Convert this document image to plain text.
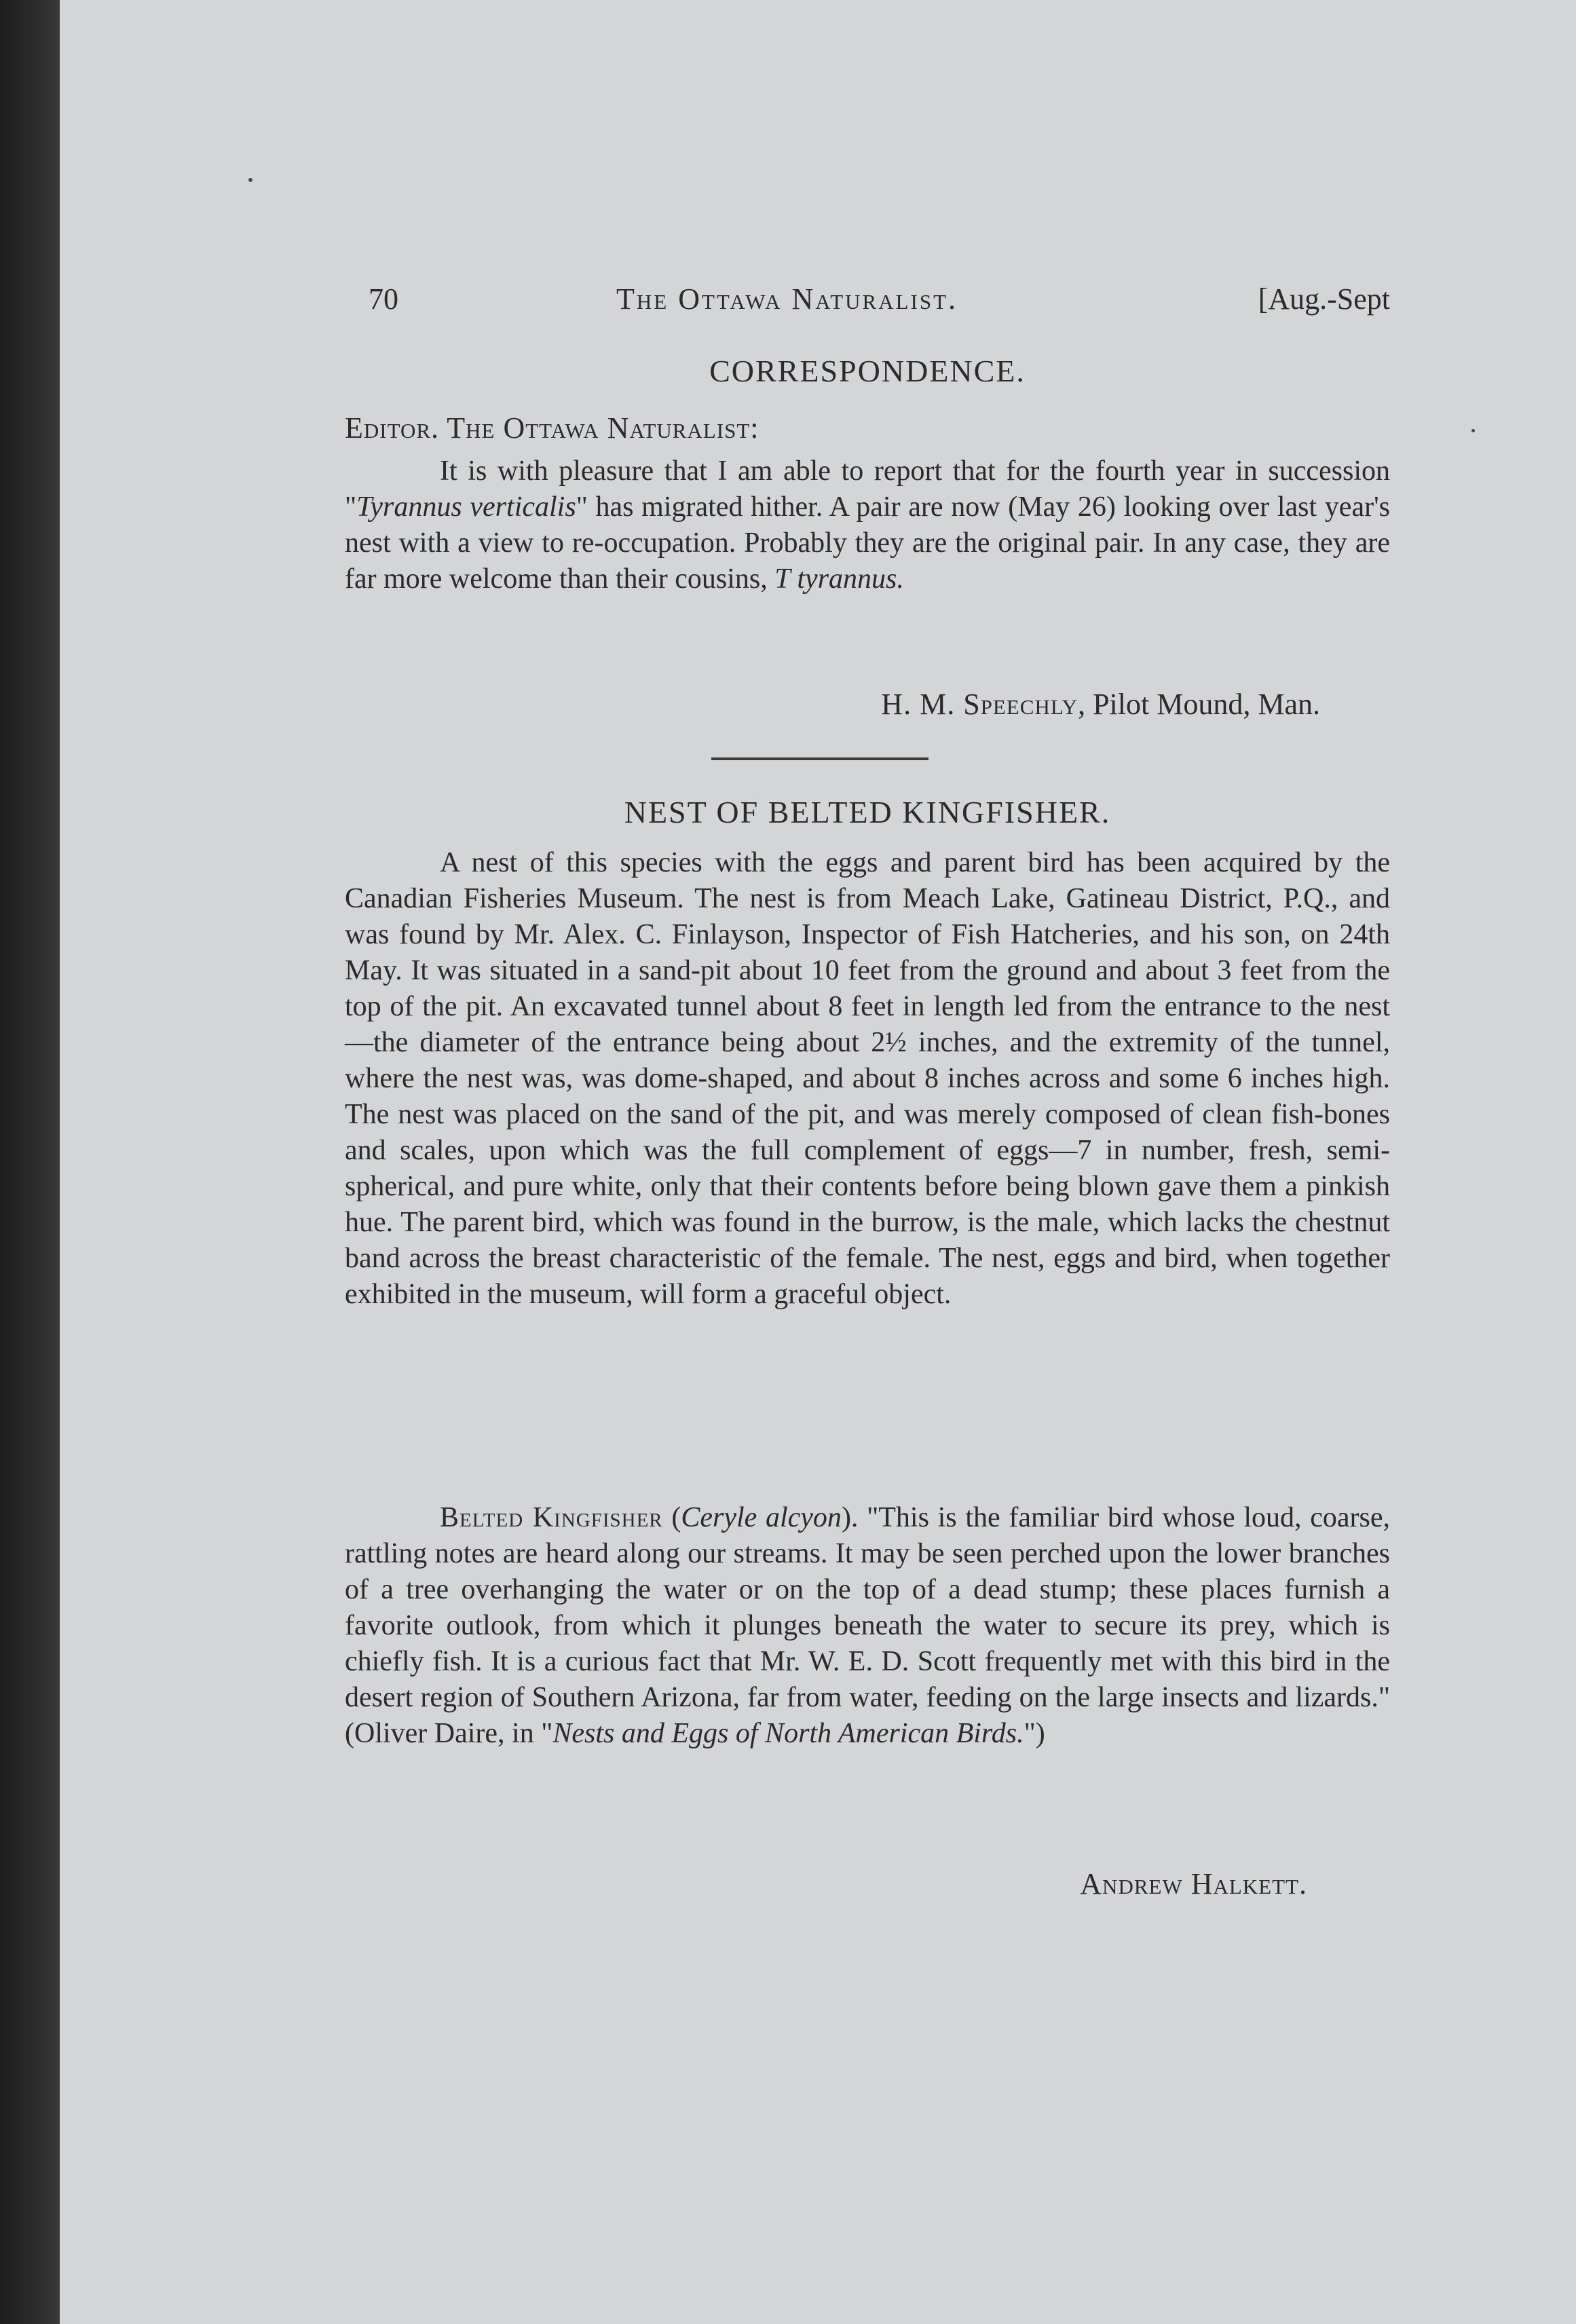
70	The Ottawa Naturalist.	[Aug.-Sept
CORRESPONDENCE.
Editor. The Ottawa Naturalist:

It is with pleasure that I am able to report that for the fourth year in succession "Tyrannus verticalis" has migrated hither. A pair are now (May 26) looking over last year's nest with a view to re-occupation. Probably they are the original pair. In any case, they are far more welcome than their cousins, T tyrannus.

H. M. Speechly, Pilot Mound, Man.
NEST OF BELTED KINGFISHER.

A nest of this species with the eggs and parent bird has been acquired by the Canadian Fisheries Museum. The nest is from Meach Lake, Gatineau District, P.Q., and was found by Mr. Alex. C. Finlayson, Inspector of Fish Hatcheries, and his son, on 24th May. It was situated in a sand-pit about 10 feet from the ground and about 3 feet from the top of the pit. An excavated tunnel about 8 feet in length led from the entrance to the nest—the diameter of the entrance being about 2½ inches, and the extremity of the tunnel, where the nest was, was dome-shaped, and about 8 inches across and some 6 inches high. The nest was placed on the sand of the pit, and was merely composed of clean fish-bones and scales, upon which was the full complement of eggs—7 in number, fresh, semi-spherical, and pure white, only that their contents before being blown gave them a pinkish hue. The parent bird, which was found in the burrow, is the male, which lacks the chestnut band across the breast characteristic of the female. The nest, eggs and bird, when together exhibited in the museum, will form a graceful object.

Belted Kingfisher (Ceryle alcyon). "This is the familiar bird whose loud, coarse, rattling notes are heard along our streams. It may be seen perched upon the lower branches of a tree overhanging the water or on the top of a dead stump; these places furnish a favorite outlook, from which it plunges beneath the water to secure its prey, which is chiefly fish. It is a curious fact that Mr. W. E. D. Scott frequently met with this bird in the desert region of Southern Arizona, far from water, feeding on the large insects and lizards." (Oliver Daire, in "Nests and Eggs of North American Birds.")

Andrew Halkett.
